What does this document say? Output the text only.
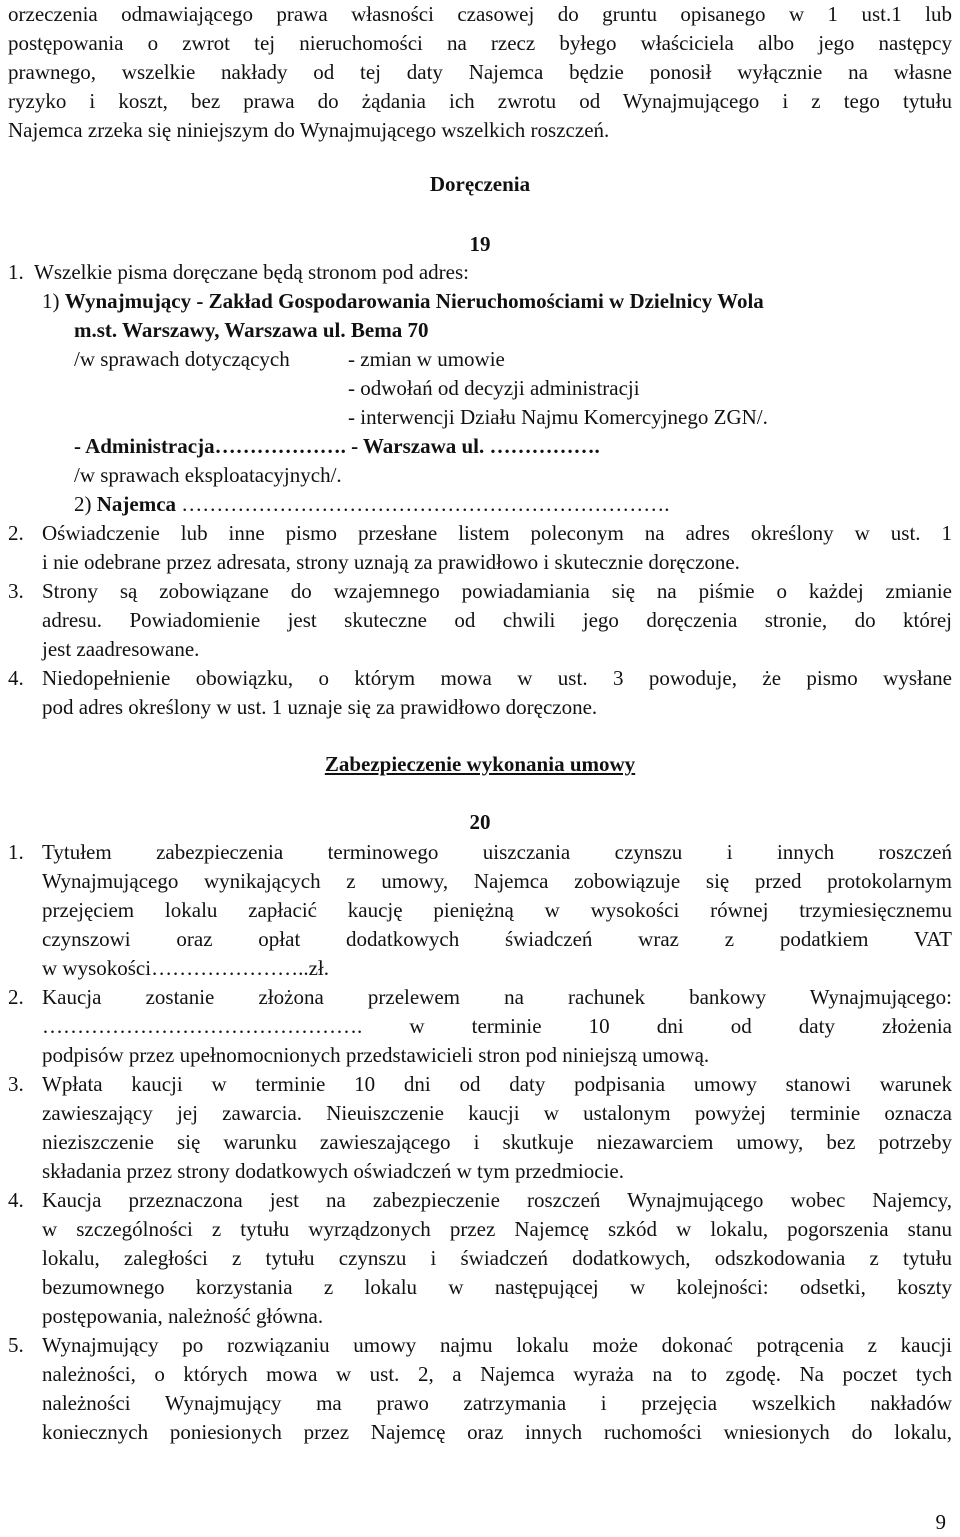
orzeczenia odmawiającego prawa własności czasowej do gruntu opisanego w 1 ust.1 lub
postępowania o zwrot tej nieruchomości na rzecz byłego właściciela albo jego następcy
prawnego, wszelkie nakłady od tej daty Najemca będzie ponosił wyłącznie na własne
ryzyko i koszt, bez prawa do żądania ich zwrotu od Wynajmującego i z tego tytułu
Najemca zrzeka się niniejszym do Wynajmującego wszelkich roszczeń.
Doręczenia
19
1. Wszelkie pisma doręczane będą stronom pod adres:
1) Wynajmujący - Zakład Gospodarowania Nieruchomościami w Dzielnicy Wola
m.st. Warszawy, Warszawa ul. Bema 70
/w sprawach dotyczących	- zmian w umowie
- odwołań od decyzji administracji
- interwencji Działu Najmu Komercyjnego ZGN/.
- Administracja………………. - Warszawa ul. …………….
/w sprawach eksploatacyjnych/.
2) Najemca …………………………………………………………….
2. Oświadczenie lub inne pismo przesłane listem poleconym na adres określony w ust. 1
i nie odebrane przez adresata, strony uznają za prawidłowo i skutecznie doręczone.
3. Strony są zobowiązane do wzajemnego powiadamiania się na piśmie o każdej zmianie
adresu. Powiadomienie jest skuteczne od chwili jego doręczenia stronie, do której
jest zaadresowane.
4. Niedopełnienie obowiązku, o którym mowa w ust. 3 powoduje, że pismo wysłane
pod adres określony w ust. 1 uznaje się za prawidłowo doręczone.
Zabezpieczenie wykonania umowy
20
1. Tytułem zabezpieczenia terminowego uiszczania czynszu i innych roszczeń
Wynajmującego wynikających z umowy, Najemca zobowiązuje się przed protokolarnym
przejęciem lokalu zapłacić kaucję pieniężną w wysokości równej trzymiesięcznemu
czynszowi oraz opłat dodatkowych świadczeń wraz z podatkiem VAT
w wysokości…………………..zł.
2. Kaucja zostanie złożona przelewem na rachunek bankowy Wynajmującego:
………………………………………. w terminie 10 dni od daty złożenia
podpisów przez upełnomocnionych przedstawicieli stron pod niniejszą umową.
3. Wpłata kaucji w terminie 10 dni od daty podpisania umowy stanowi warunek
zawieszający jej zawarcia. Nieuiszczenie kaucji w ustalonym powyżej terminie oznacza
nieziszczenie się warunku zawieszającego i skutkuje niezawarciem umowy, bez potrzeby
składania przez strony dodatkowych oświadczeń w tym przedmiocie.
4. Kaucja przeznaczona jest na zabezpieczenie roszczeń Wynajmującego wobec Najemcy,
w szczególności z tytułu wyrządzonych przez Najemcę szkód w lokalu, pogorszenia stanu
lokalu, zaległości z tytułu czynszu i świadczeń dodatkowych, odszkodowania z tytułu
bezumownego korzystania z lokalu w następującej w kolejności: odsetki, koszty
postępowania, należność główna.
5. Wynajmujący po rozwiązaniu umowy najmu lokalu może dokonać potrącenia z kaucji
należności, o których mowa w ust. 2, a Najemca wyraża na to zgodę. Na poczet tych
należności Wynajmujący ma prawo zatrzymania i przejęcia wszelkich nakładów
koniecznych poniesionych przez Najemcę oraz innych ruchomości wniesionych do lokalu,
9
